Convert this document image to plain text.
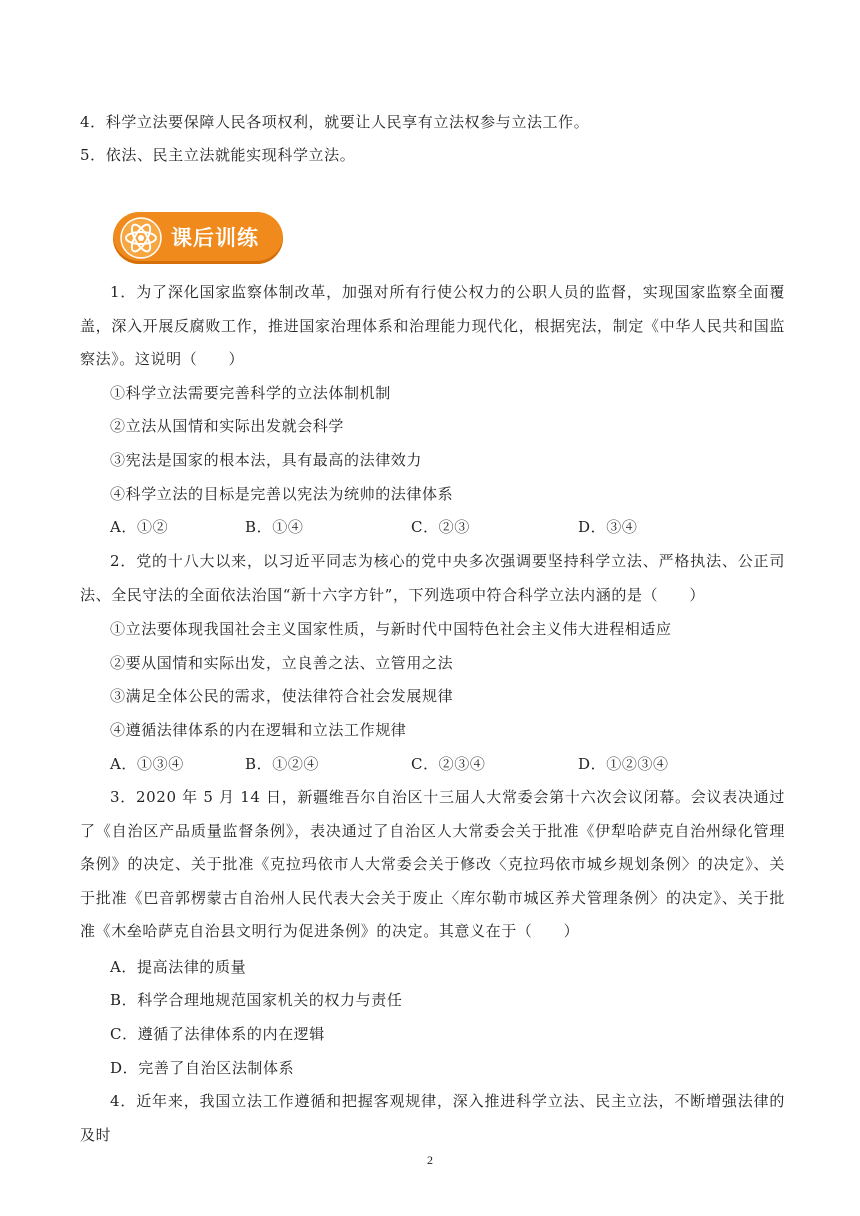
4．科学立法要保障人民各项权利，就要让人民享有立法权参与立法工作。
5．依法、民主立法就能实现科学立法。
课后训练
1．为了深化国家监察体制改革，加强对所有行使公权力的公职人员的监督，实现国家监察全面覆盖，深入开展反腐败工作，推进国家治理体系和治理能力现代化，根据宪法，制定《中华人民共和国监察法》。这说明（　　）
①科学立法需要完善科学的立法体制机制
②立法从国情和实际出发就会科学
③宪法是国家的根本法，具有最高的法律效力
④科学立法的目标是完善以宪法为统帅的法律体系
A．①②	B．①④	C．②③	D．③④
2．党的十八大以来，以习近平同志为核心的党中央多次强调要坚持科学立法、严格执法、公正司法、全民守法的全面依法治国“新十六字方针”，下列选项中符合科学立法内涵的是（　　）
①立法要体现我国社会主义国家性质，与新时代中国特色社会主义伟大进程相适应
②要从国情和实际出发，立良善之法、立管用之法
③满足全体公民的需求，使法律符合社会发展规律
④遵循法律体系的内在逻辑和立法工作规律
A．①③④	B．①②④	C．②③④	D．①②③④
3．2020 年 5 月 14 日，新疆维吾尔自治区十三届人大常委会第十六次会议闭幕。会议表决通过了《自治区产品质量监督条例》，表决通过了自治区人大常委会关于批准《伊犁哈萨克自治州绿化管理条例》的决定、关于批准《克拉玛依市人大常委会关于修改〈克拉玛依市城乡规划条例〉的决定》、关于批准《巴音郭楞蒙古自治州人民代表大会关于废止〈库尔勒市城区养犬管理条例〉的决定》、关于批准《木垒哈萨克自治县文明行为促进条例》的决定。其意义在于（　　）
A．提高法律的质量
B．科学合理地规范国家机关的权力与责任
C．遵循了法律体系的内在逻辑
D．完善了自治区法制体系
4．近年来，我国立法工作遵循和把握客观规律，深入推进科学立法、民主立法，不断增强法律的及时
2
